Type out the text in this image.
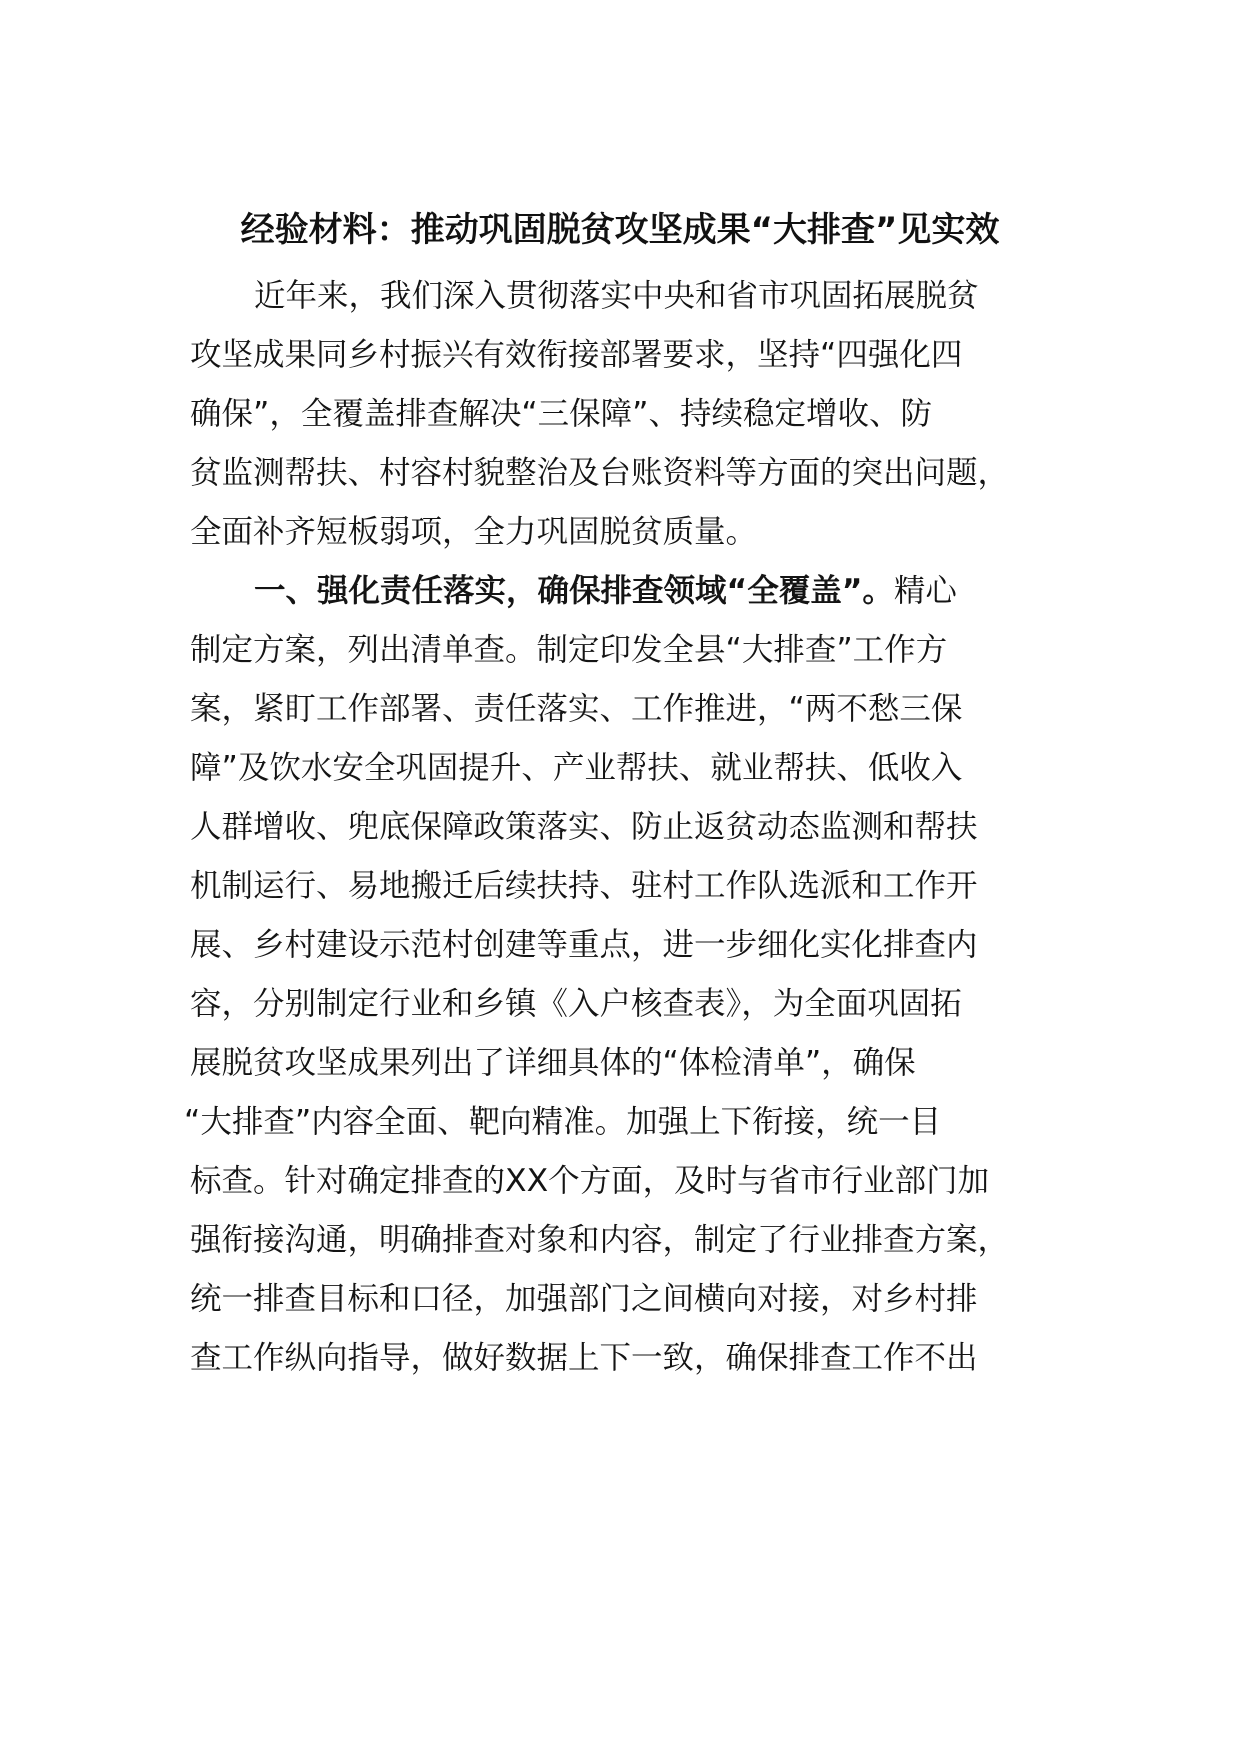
经验材料：推动巩固脱贫攻坚成果“大排查”见实效

近年来，我们深入贯彻落实中央和省市巩固拓展脱贫

攻坚成果同乡村振兴有效衔接部署要求，坚持“四强化四

确保”，全覆盖排查解决“三保障”、持续稳定增收、防

贫监测帮扶、村容村貌整治及台账资料等方面的突出问题，

全面补齐短板弱项，全力巩固脱贫质量。

一、强化责任落实，确保排查领域“全覆盖”。精心

制定方案，列出清单查。制定印发全县“大排查”工作方

案，紧盯工作部署、责任落实、工作推进，“两不愁三保

障”及饮水安全巩固提升、产业帮扶、就业帮扶、低收入

人群增收、兜底保障政策落实、防止返贫动态监测和帮扶

机制运行、易地搬迁后续扶持、驻村工作队选派和工作开

展、乡村建设示范村创建等重点，进一步细化实化排查内

容，分别制定行业和乡镇《入户核查表》，为全面巩固拓

展脱贫攻坚成果列出了详细具体的“体检清单”，确保

“大排查”内容全面、靶向精准。加强上下衔接，统一目

标查。针对确定排查的XX个方面，及时与省市行业部门加

强衔接沟通，明确排查对象和内容，制定了行业排查方案，

统一排查目标和口径，加强部门之间横向对接，对乡村排

查工作纵向指导，做好数据上下一致，确保排查工作不出
